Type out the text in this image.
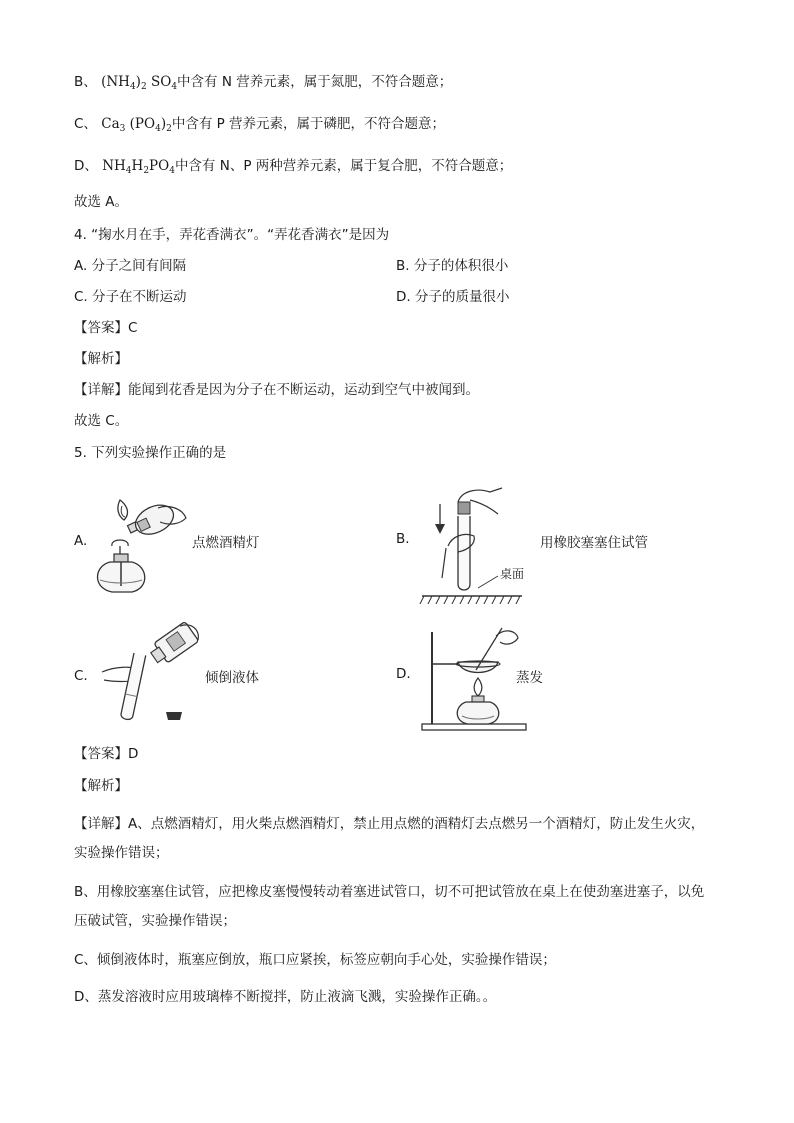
B、 $(NH_4)_2$ $SO_4$中含有 N 营养元素，属于氮肥，不符合题意；
C、 $Ca_3$ $(PO_4)_2$中含有 P 营养元素，属于磷肥，不符合题意；
D、 $NH_4H_2PO_4$中含有 N、P 两种营养元素，属于复合肥，不符合题意；
故选 A。
4. “掬水月在手，弄花香满衣”。“弄花香满衣”是因为
A. 分子之间有间隔	B. 分子的体积很小
C. 分子在不断运动	D. 分子的质量很小
【答案】C
【解析】
【详解】能闻到花香是因为分子在不断运动，运动到空气中被闻到。
故选 C。
5. 下列实验操作正确的是
A.	点燃酒精灯	B.
桌面
用橡胶塞塞住试管
C.	倾倒液体	D.	蒸发
【答案】D
【解析】
【详解】A、点燃酒精灯，用火柴点燃酒精灯，禁止用点燃的酒精灯去点燃另一个酒精灯，防止发生火灾，
实验操作错误；
B、用橡胶塞塞住试管，应把橡皮塞慢慢转动着塞进试管口，切不可把试管放在桌上在使劲塞进塞子，以免
压破试管，实验操作错误；
C、倾倒液体时，瓶塞应倒放，瓶口应紧挨，标签应朝向手心处，实验操作错误；
D、蒸发溶液时应用玻璃棒不断搅拌，防止液滴飞溅，实验操作正确。。
